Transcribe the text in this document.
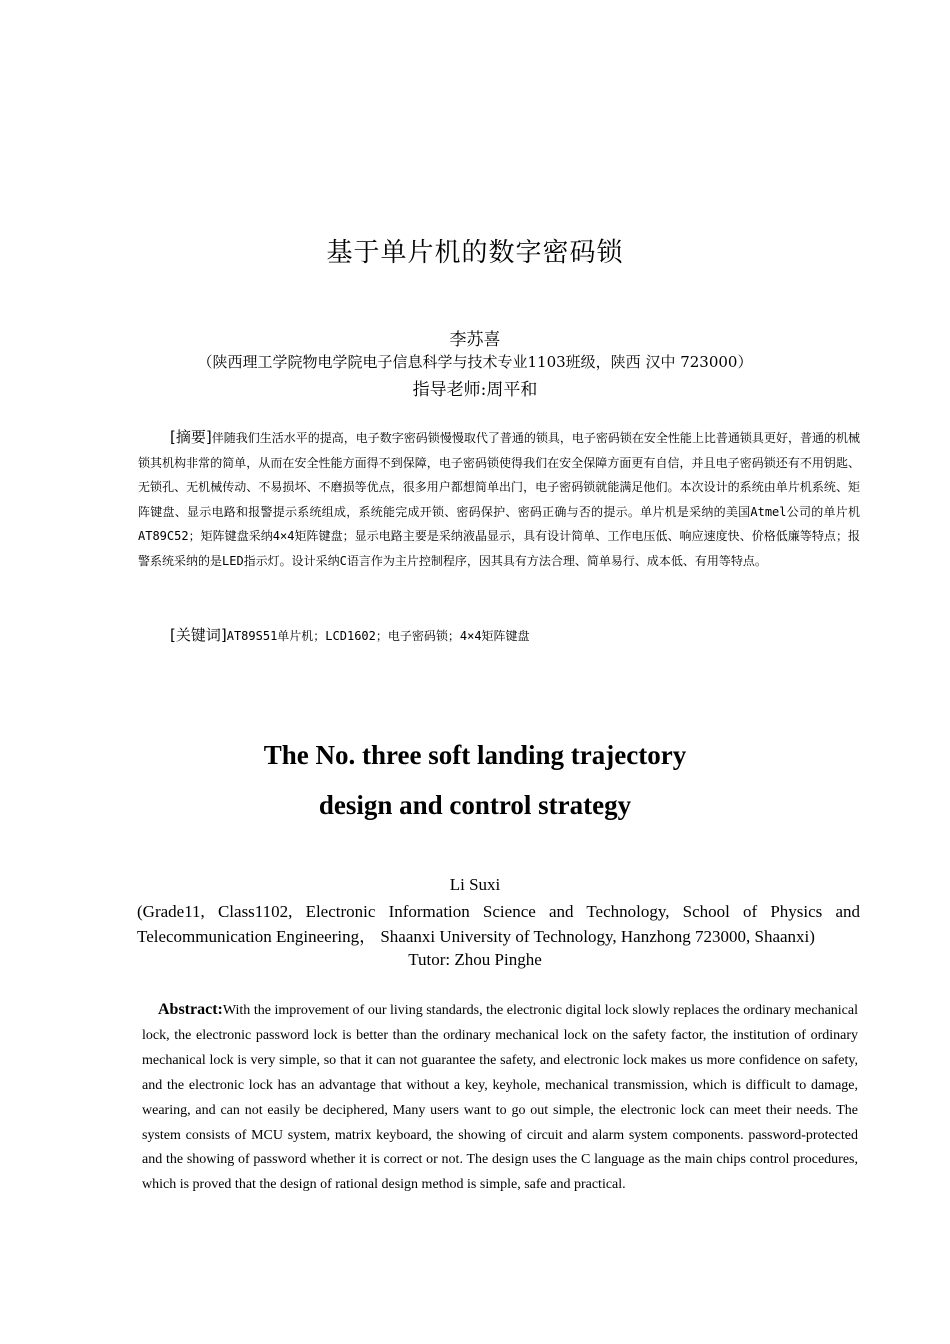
基于单片机的数字密码锁
李苏喜
（陕西理工学院物电学院电子信息科学与技术专业1103班级，陕西 汉中 723000）
指导老师:周平和

[摘要]伴随我们生活水平的提高，电子数字密码锁慢慢取代了普通的锁具，电子密码锁在安全性能上比普通锁具更好，普通的机械锁其机构非常的简单，从而在安全性能方面得不到保障，电子密码锁使得我们在安全保障方面更有自信，并且电子密码锁还有不用钥匙、无锁孔、无机械传动、不易损坏、不磨损等优点，很多用户都想简单出门，电子密码锁就能满足他们。本次设计的系统由单片机系统、矩阵键盘、显示电路和报警提示系统组成，系统能完成开锁、密码保护、密码正确与否的提示。单片机是采纳的美国Atmel公司的单片机AT89C52；矩阵键盘采纳4×4矩阵键盘；显示电路主要是采纳液晶显示，具有设计简单、工作电压低、响应速度快、价格低廉等特点；报警系统采纳的是LED指示灯。设计采纳C语言作为主片控制程序，因其具有方法合理、简单易行、成本低、有用等特点。

[关键词]AT89S51单片机；LCD1602；电子密码锁；4×4矩阵键盘

The No. three soft landing trajectory
design and control strategy
Li Suxi

(Grade11, Class1102, Electronic Information Science and Technology, School of Physics and Telecommunication Engineering， Shaanxi University of Technology, Hanzhong 723000, Shaanxi)

Tutor: Zhou Pinghe

Abstract:With the improvement of our living standards, the electronic digital lock slowly replaces the ordinary mechanical lock, the electronic password lock is better than the ordinary mechanical lock on the safety factor, the institution of ordinary mechanical lock is very simple, so that it can not guarantee the safety, and electronic lock makes us more confidence on safety, and the electronic lock has an advantage that without a key, keyhole, mechanical transmission, which is difficult to damage, wearing, and can not easily be deciphered, Many users want to go out simple, the electronic lock can meet their needs. The system consists of MCU system, matrix keyboard, the showing of circuit and alarm system components. password-protected and the showing of password whether it is correct or not. The design uses the C language as the main chips control procedures, which is proved that the design of rational design method is simple, safe and practical.
